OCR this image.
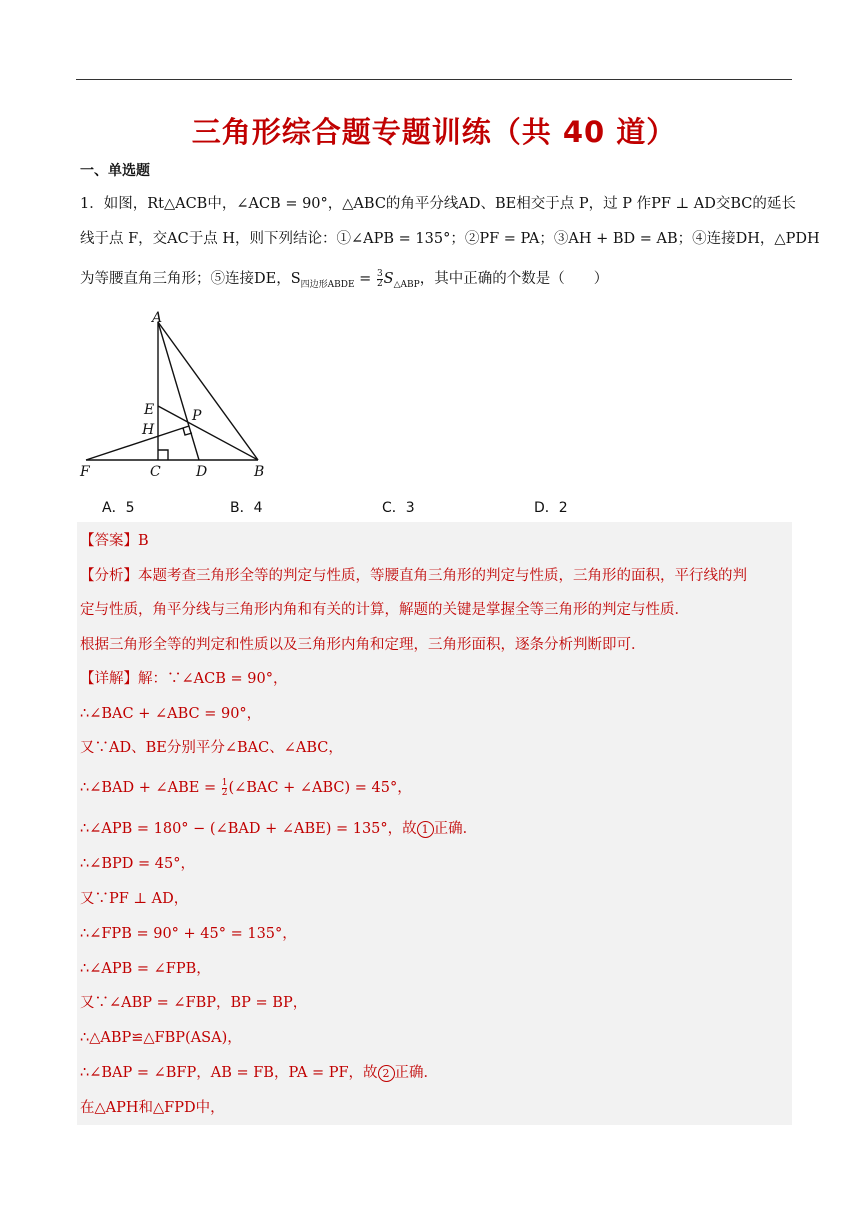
三角形综合题专题训练（共 40 道）
一、单选题
1．如图，Rt△ACB中，∠ACB = 90°，△ABC的角平分线AD、BE相交于点 P，过 P 作PF ⊥ AD交BC的延长
线于点 F，交AC于点 H，则下列结论：①∠APB = 135°；②PF = PA；③AH + BD = AB；④连接DH，△PDH
为等腰直角三角形；⑤连接DE，$S_{四边形ABDE} = \frac{3}{2} S_{\triangle ABP}$，其中正确的个数是（　　）
A
E	P
H
F	C	D	B
A．5	B．4	C．3	D．2
【答案】B
【分析】本题考查三角形全等的判定与性质，等腰直角三角形的判定与性质，三角形的面积，平行线的判
定与性质，角平分线与三角形内角和有关的计算，解题的关键是掌握全等三角形的判定与性质．
根据三角形全等的判定和性质以及三角形内角和定理，三角形面积，逐条分析判断即可．
【详解】解：∵∠ACB = 90°，
∴∠BAC + ∠ABC = 90°，
又∵AD、BE分别平分∠BAC、∠ABC，
∴∠BAD + ∠ABE = $\frac{1}{2}$ (∠BAC + ∠ABC) = 45°，
∴∠APB = 180° − (∠BAD + ∠ABE) = 135°，故 1 正确．
∴∠BPD = 45°，
又∵PF ⊥ AD，
∴∠FPB = 90° + 45° = 135°，
∴∠APB = ∠FPB，
又∵∠ABP = ∠FBP，BP = BP，
∴△ABP≌△FBP(ASA)，
∴∠BAP = ∠BFP，AB = FB，PA = PF，故 2 正确．
在△APH和△FPD中，
